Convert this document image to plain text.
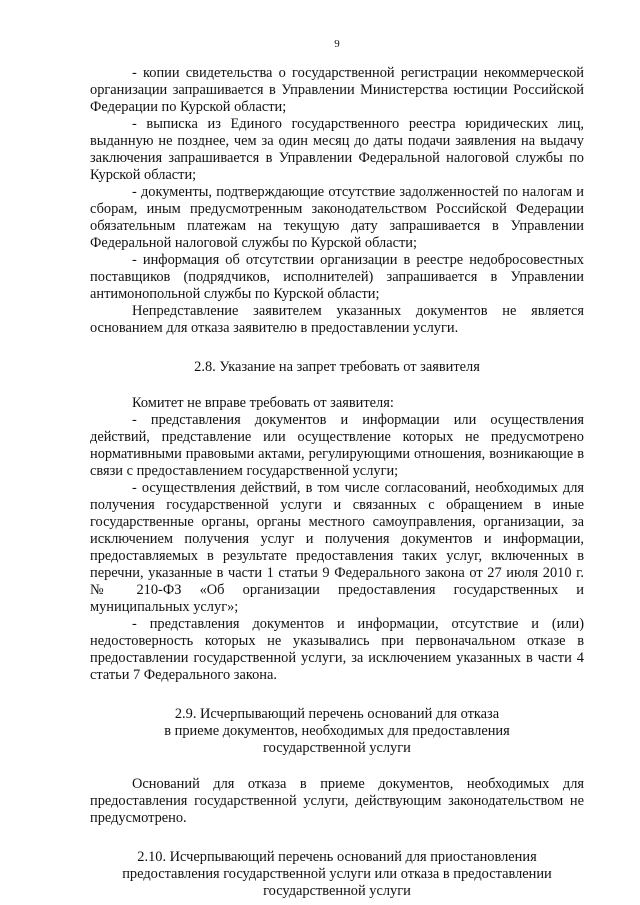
9

- копии свидетельства о государственной регистрации некоммерческой организации запрашивается в Управлении Министерства юстиции Российской Федерации по Курской области;

- выписка из Единого государственного реестра юридических лиц, выданную не позднее, чем за один месяц до даты подачи заявления на выдачу заключения запрашивается в Управлении Федеральной налоговой службы по Курской области;

- документы, подтверждающие отсутствие задолженностей по налогам и сборам, иным предусмотренным законодательством Российской Федерации обязательным платежам на текущую дату запрашивается в Управлении Федеральной налоговой службы по Курской области;

- информация об отсутствии организации в реестре недобросовестных поставщиков (подрядчиков, исполнителей) запрашивается в Управлении антимонопольной службы по Курской области;

Непредставление заявителем указанных документов не является основанием для отказа заявителю в предоставлении услуги.

2.8. Указание на запрет требовать от заявителя

Комитет не вправе требовать от заявителя:

- представления документов и информации или осуществления действий, представление или осуществление которых не предусмотрено нормативными правовыми актами, регулирующими отношения, возникающие в связи с предоставлением государственной услуги;

- осуществления действий, в том числе согласований, необходимых для получения государственной услуги и связанных с обращением в иные государственные органы, органы местного самоуправления, организации, за исключением получения услуг и получения документов и информации, предоставляемых в результате предоставления таких услуг, включенных в перечни, указанные в части 1 статьи 9 Федерального закона от 27 июля 2010 г. № 210-ФЗ «Об организации предоставления государственных и муниципальных услуг»;

- представления документов и информации, отсутствие и (или) недостоверность которых не указывались при первоначальном отказе в предоставлении государственной услуги, за исключением указанных в части 4 статьи 7 Федерального закона.

2.9. Исчерпывающий перечень оснований для отказа

в приеме документов, необходимых для предоставления

государственной услуги

Оснований для отказа в приеме документов, необходимых для предоставления государственной услуги, действующим законодательством не предусмотрено.

2.10. Исчерпывающий перечень оснований для приостановления

предоставления государственной услуги или отказа в предоставлении

государственной услуги
